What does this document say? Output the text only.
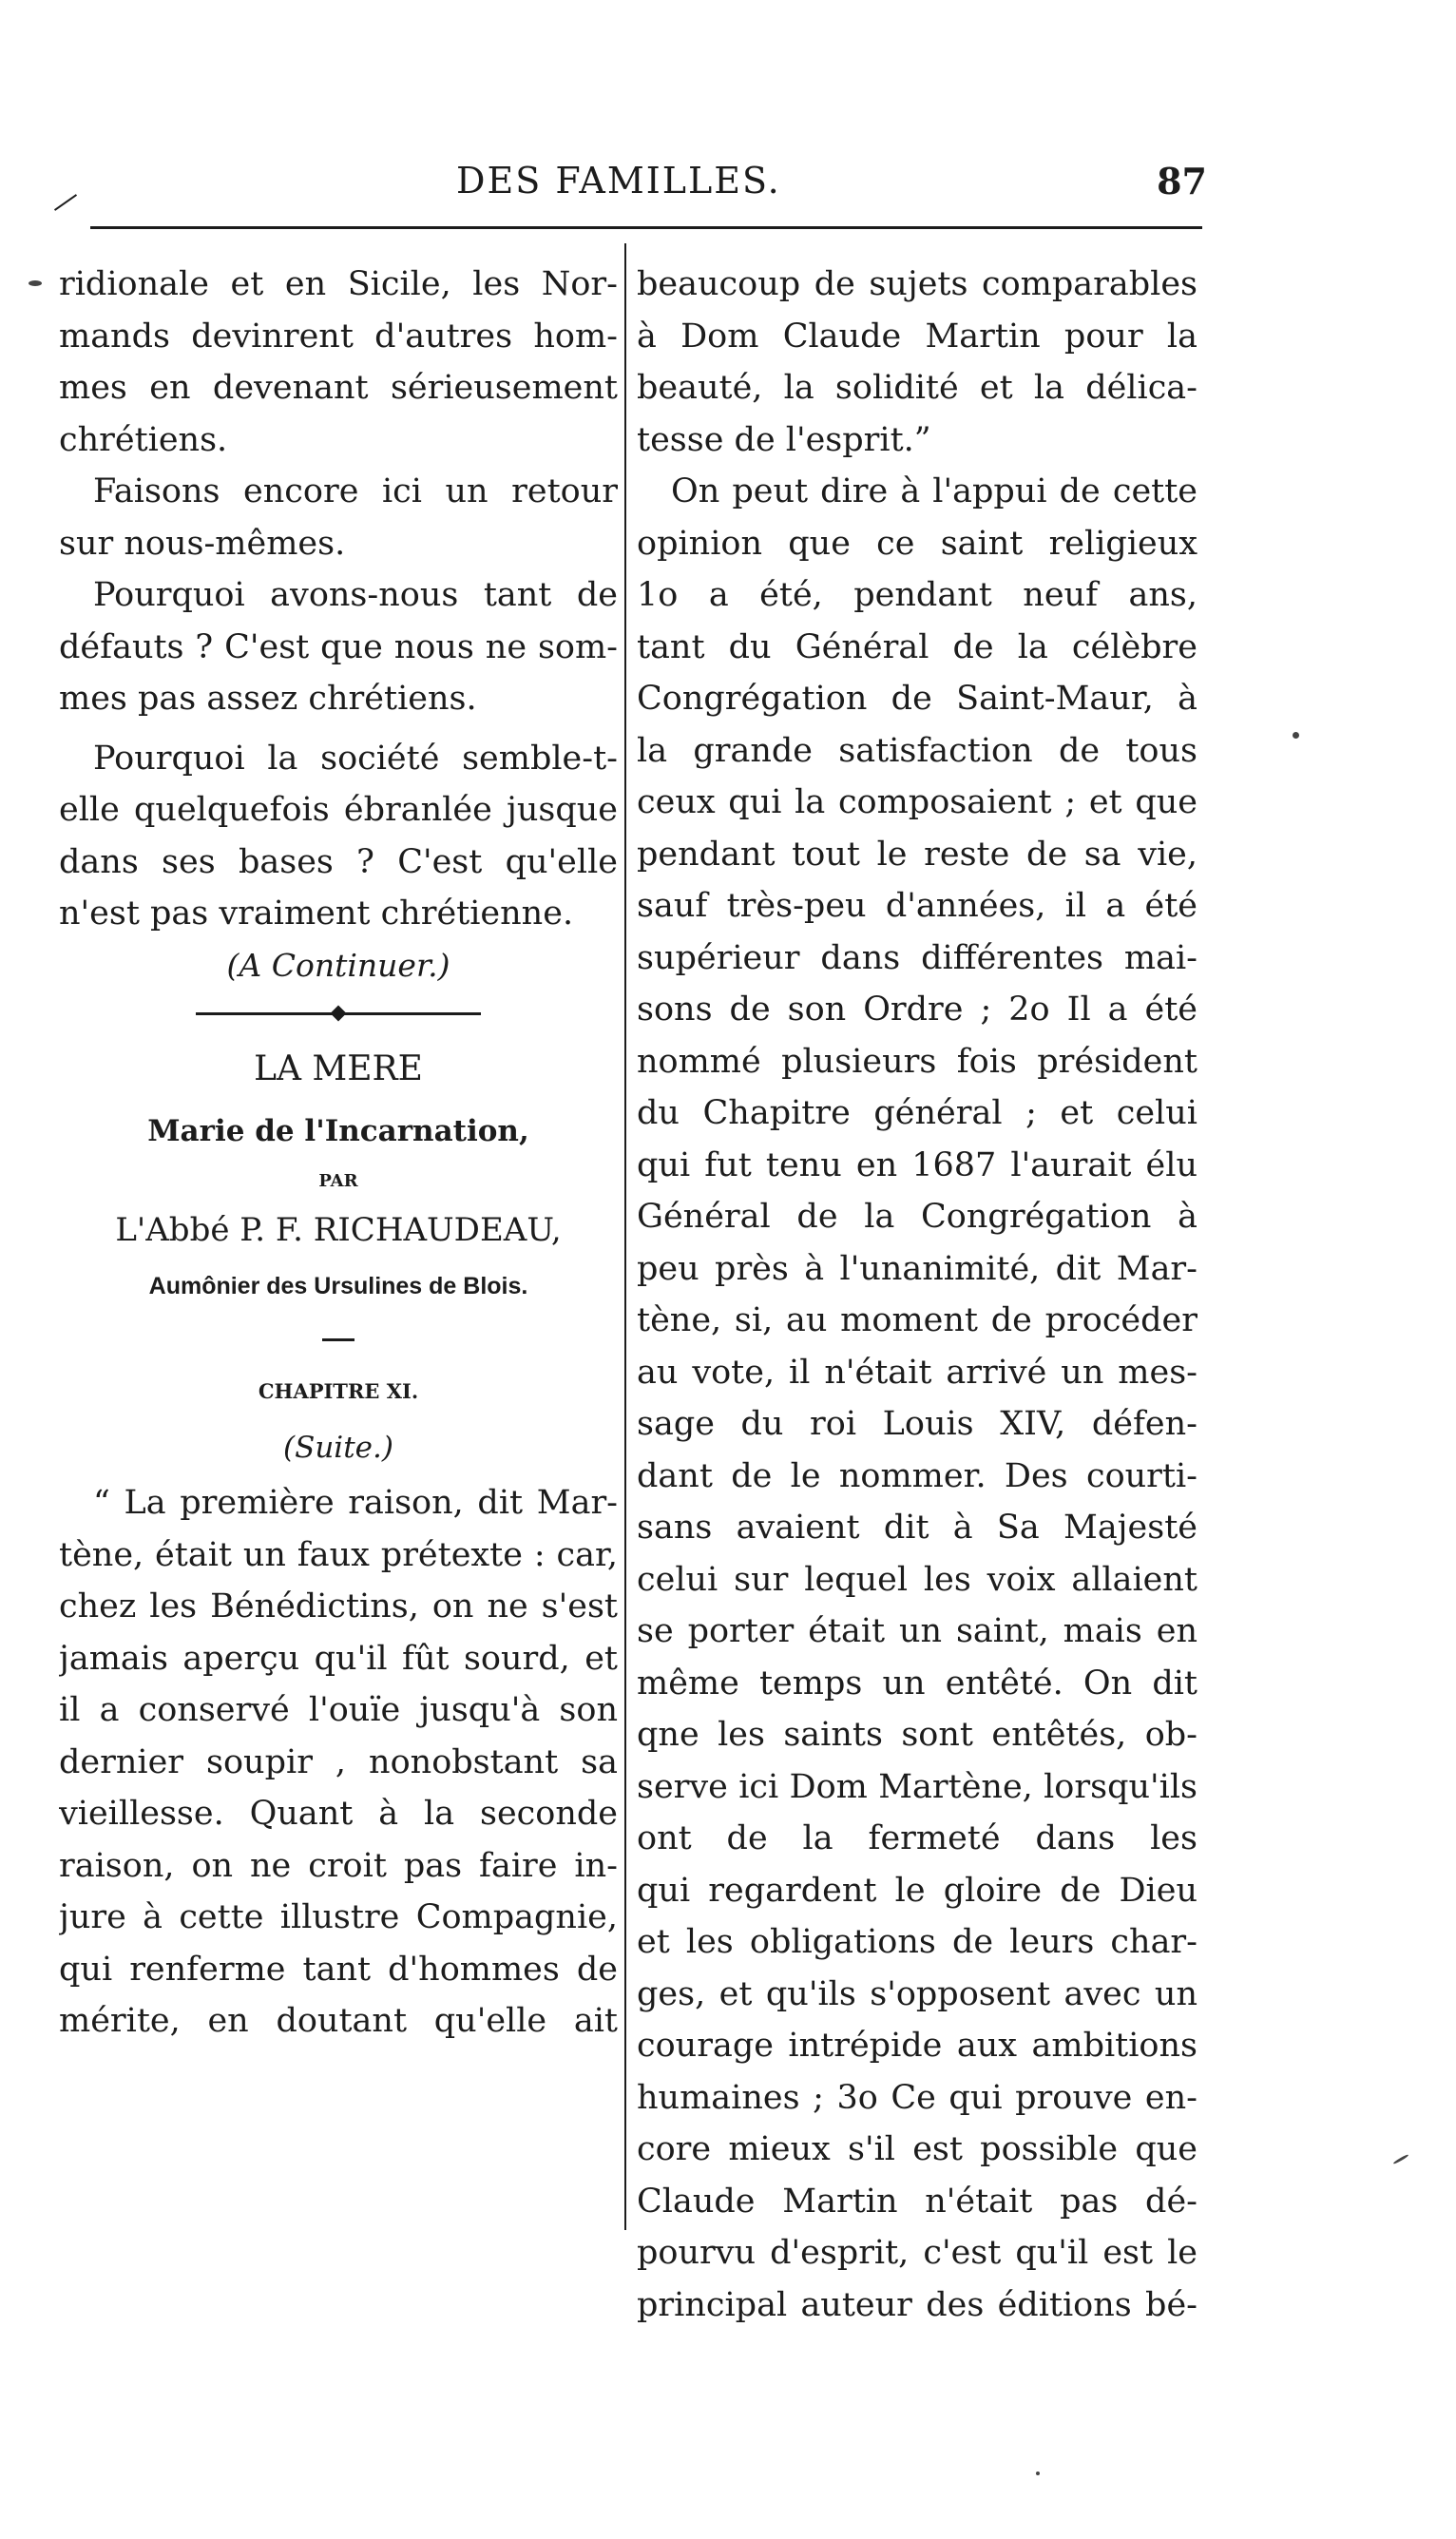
DES FAMILLES.	87
ridionale et en Sicile, les Nor-
mands devinrent d'autres hom-
mes en devenant sérieusement
chrétiens.
Faisons encore ici un retour
sur nous-mêmes.
Pourquoi avons-nous tant de
défauts ? C'est que nous ne som-
mes pas assez chrétiens.
Pourquoi la société semble-t-
elle quelquefois ébranlée jusque
dans ses bases ? C'est qu'elle
n'est pas vraiment chrétienne.
(A Continuer.)
LA MERE
Marie de l'Incarnation,
PAR
L'Abbé P. F. RICHAUDEAU,
Aumônier des Ursulines de Blois.
CHAPITRE XI.
(Suite.)
“ La première raison, dit Mar-
tène, était un faux prétexte : car,
chez les Bénédictins, on ne s'est
jamais aperçu qu'il fût sourd, et
il a conservé l'ouïe jusqu'à son
dernier soupir , nonobstant sa
vieillesse. Quant à la seconde
raison, on ne croit pas faire in-
jure à cette illustre Compagnie,
qui renferme tant d'hommes de
mérite, en doutant qu'elle ait
beaucoup de sujets comparables
à Dom Claude Martin pour la
beauté, la solidité et la délica-
tesse de l'esprit.”
On peut dire à l'appui de cette
opinion que ce saint religieux
1o a été, pendant neuf ans,
tant du Général de la célèbre
Congrégation de Saint-Maur, à
la grande satisfaction de tous
ceux qui la composaient ; et que
pendant tout le reste de sa vie,
sauf très-peu d'années, il a été
supérieur dans différentes mai-
sons de son Ordre ; 2o Il a été
nommé plusieurs fois président
du Chapitre général ; et celui
qui fut tenu en 1687 l'aurait élu
Général de la Congrégation à
peu près à l'unanimité, dit Mar-
tène, si, au moment de procéder
au vote, il n'était arrivé un mes-
sage du roi Louis XIV, défen-
dant de le nommer. Des courti-
sans avaient dit à Sa Majesté
celui sur lequel les voix allaient
se porter était un saint, mais en
même temps un entêté. On dit
qne les saints sont entêtés, ob-
serve ici Dom Martène, lorsqu'ils
ont de la fermeté dans les
qui regardent le gloire de Dieu
et les obligations de leurs char-
ges, et qu'ils s'opposent avec un
courage intrépide aux ambitions
humaines ; 3o Ce qui prouve en-
core mieux s'il est possible que
Claude Martin n'était pas dé-
pourvu d'esprit, c'est qu'il est le
principal auteur des éditions bé-
